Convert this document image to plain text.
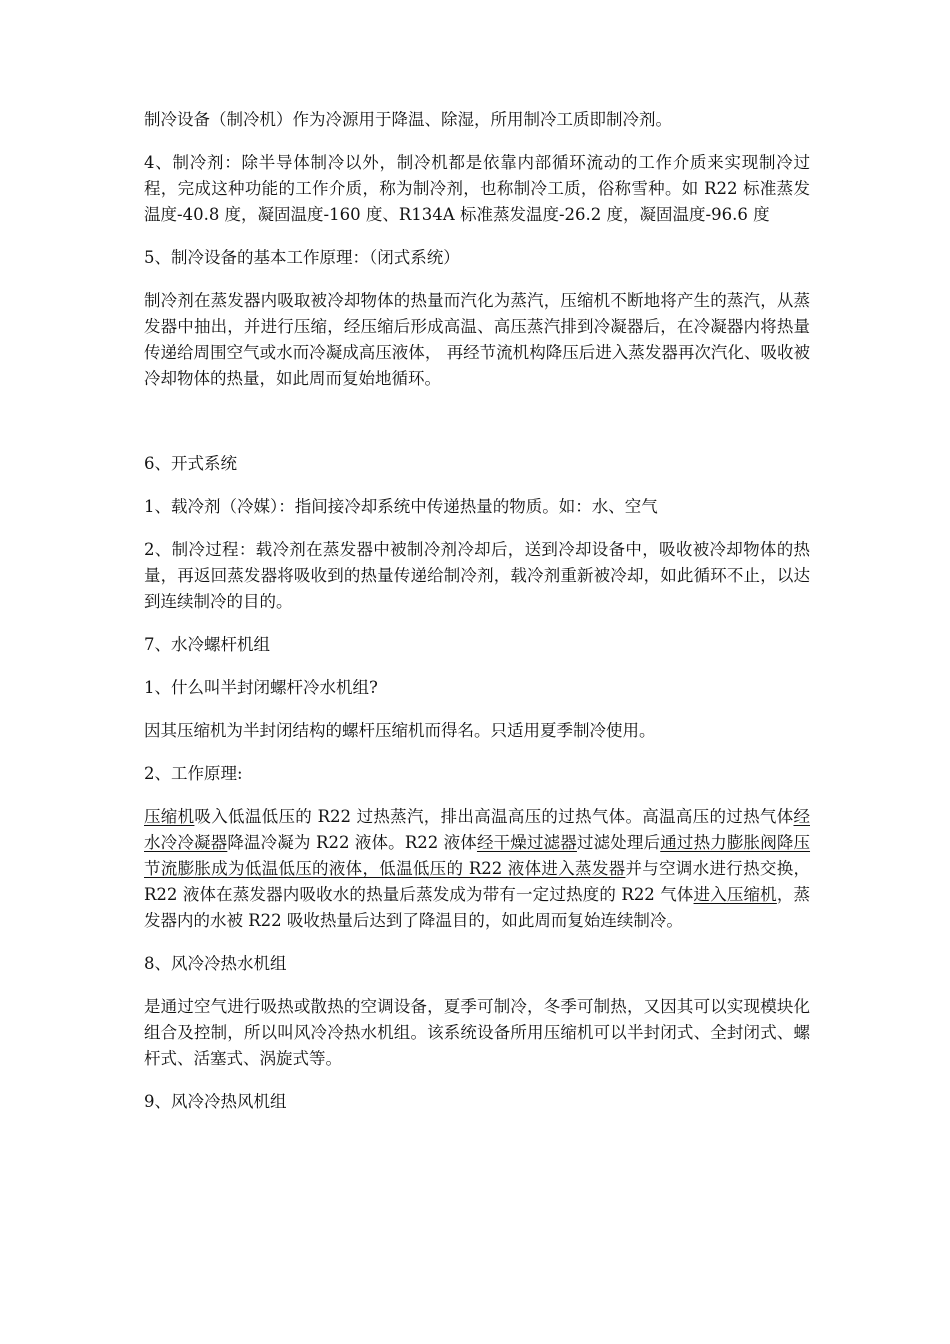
制冷设备（制冷机）作为冷源用于降温、除湿，所用制冷工质即制冷剂。

4、制冷剂：除半导体制冷以外，制冷机都是依靠内部循环流动的工作介质来实现制冷过程，完成这种功能的工作介质，称为制冷剂，也称制冷工质，俗称雪种。如 R22 标准蒸发温度-40.8 度，凝固温度-160 度、R134A 标准蒸发温度-26.2 度，凝固温度-96.6 度

5、制冷设备的基本工作原理：（闭式系统）

制冷剂在蒸发器内吸取被冷却物体的热量而汽化为蒸汽，压缩机不断地将产生的蒸汽，从蒸发器中抽出，并进行压缩，经压缩后形成高温、高压蒸汽排到冷凝器后，在冷凝器内将热量传递给周围空气或水而冷凝成高压液体， 再经节流机构降压后进入蒸发器再次汽化、吸收被冷却物体的热量，如此周而复始地循环。

6、开式系统

1、载冷剂（冷媒）：指间接冷却系统中传递热量的物质。如：水、空气

2、制冷过程：载冷剂在蒸发器中被制冷剂冷却后，送到冷却设备中，吸收被冷却物体的热量，再返回蒸发器将吸收到的热量传递给制冷剂，载冷剂重新被冷却，如此循环不止，以达到连续制冷的目的。

7、水冷螺杆机组

1、什么叫半封闭螺杆冷水机组?

因其压缩机为半封闭结构的螺杆压缩机而得名。只适用夏季制冷使用。

2、工作原理:

压缩机吸入低温低压的 R22 过热蒸汽，排出高温高压的过热气体。高温高压的过热气体经水冷冷凝器降温冷凝为 R22 液体。R22 液体经干燥过滤器过滤处理后通过热力膨胀阀降压节流膨胀成为低温低压的液体，低温低压的 R22 液体进入蒸发器并与空调水进行热交换，R22 液体在蒸发器内吸收水的热量后蒸发成为带有一定过热度的 R22 气体进入压缩机，蒸发器内的水被 R22 吸收热量后达到了降温目的，如此周而复始连续制冷。

8、风冷冷热水机组

是通过空气进行吸热或散热的空调设备，夏季可制冷，冬季可制热，又因其可以实现模块化组合及控制，所以叫风冷冷热水机组。该系统设备所用压缩机可以半封闭式、全封闭式、螺杆式、活塞式、涡旋式等。

9、风冷冷热风机组
